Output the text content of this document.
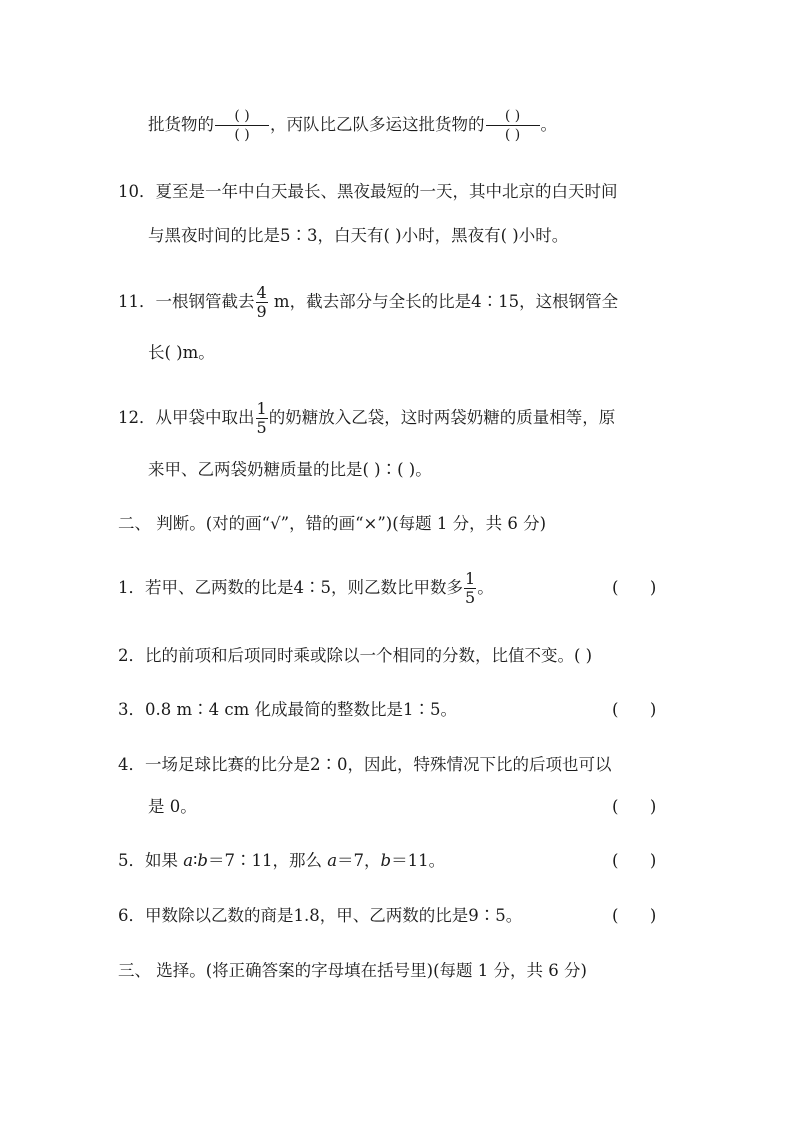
批货物的 $\frac{( )}{( )}$ ，丙队比乙队多运这批货物的 $\frac{( )}{( )}$ 。
10．夏至是一年中白天最长、黑夜最短的一天，其中北京的白天时间
与黑夜时间的比是5∶3，白天有( )小时，黑夜有( )小时。
11．一根钢管截去 $\frac{4}{9}$ m，截去部分与全长的比是4∶15，这根钢管全
长( )m。
12．从甲袋中取出 $\frac{1}{5}$ 的奶糖放入乙袋，这时两袋奶糖的质量相等，原
来甲、乙两袋奶糖质量的比是( )∶( )。
二、 判断。(对的画“√”，错的画“×”)(每题 1 分，共 6 分)
1．若甲、乙两数的比是4∶5，则乙数比甲数多 $\frac{1}{5}$ 。	(      )
2．比的前项和后项同时乘或除以一个相同的分数，比值不变。( )
3．0.8 m∶4 cm 化成最简的整数比是1∶5。	(      )
4．一场足球比赛的比分是2∶0，因此，特殊情况下比的后项也可以
是 0。	(      )
5．如果 a∶b＝7∶11，那么 a＝7，b＝11。	(      )
6．甲数除以乙数的商是1.8，甲、乙两数的比是9∶5。	(      )
三、 选择。(将正确答案的字母填在括号里)(每题 1 分，共 6 分)
